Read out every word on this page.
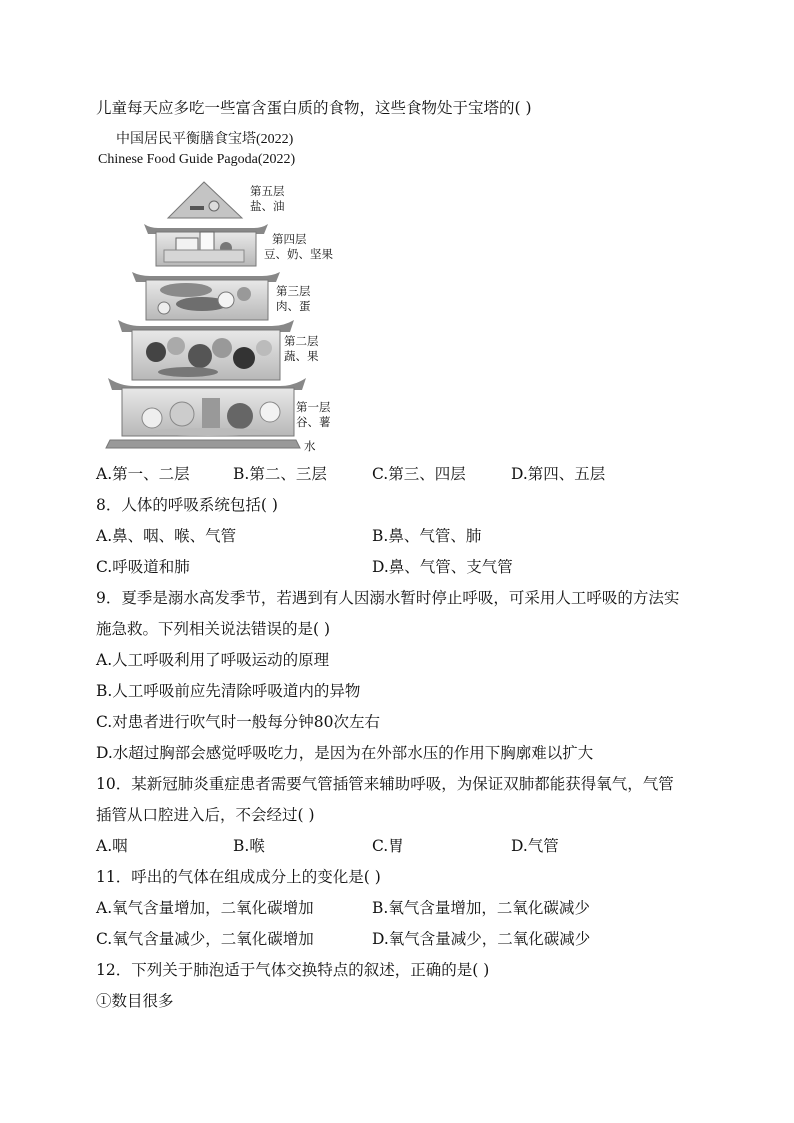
儿童每天应多吃一些富含蛋白质的食物，这些食物处于宝塔的( )
中国居民平衡膳食宝塔(2022)
Chinese Food Guide Pagoda(2022)
第五层
盐、油
第四层
豆、奶、坚果
第三层
肉、蛋
第二层
蔬、果
第一层
谷、薯
水
A.第一、二层	B.第二、三层	C.第三、四层	D.第四、五层
8．人体的呼吸系统包括( )
A.鼻、咽、喉、气管	B.鼻、气管、肺
C.呼吸道和肺	D.鼻、气管、支气管
9．夏季是溺水高发季节，若遇到有人因溺水暂时停止呼吸，可采用人工呼吸的方法实
施急救。下列相关说法错误的是( )
A.人工呼吸利用了呼吸运动的原理
B.人工呼吸前应先清除呼吸道内的异物
C.对患者进行吹气时一般每分钟80次左右
D.水超过胸部会感觉呼吸吃力，是因为在外部水压的作用下胸廓难以扩大
10．某新冠肺炎重症患者需要气管插管来辅助呼吸，为保证双肺都能获得氧气，气管
插管从口腔进入后，不会经过( )
A.咽	B.喉	C.胃	D.气管
11．呼出的气体在组成成分上的变化是( )
A.氧气含量增加，二氧化碳增加	B.氧气含量增加，二氧化碳减少
C.氧气含量减少，二氧化碳增加	D.氧气含量减少，二氧化碳减少
12．下列关于肺泡适于气体交换特点的叙述，正确的是( )
①数目很多
